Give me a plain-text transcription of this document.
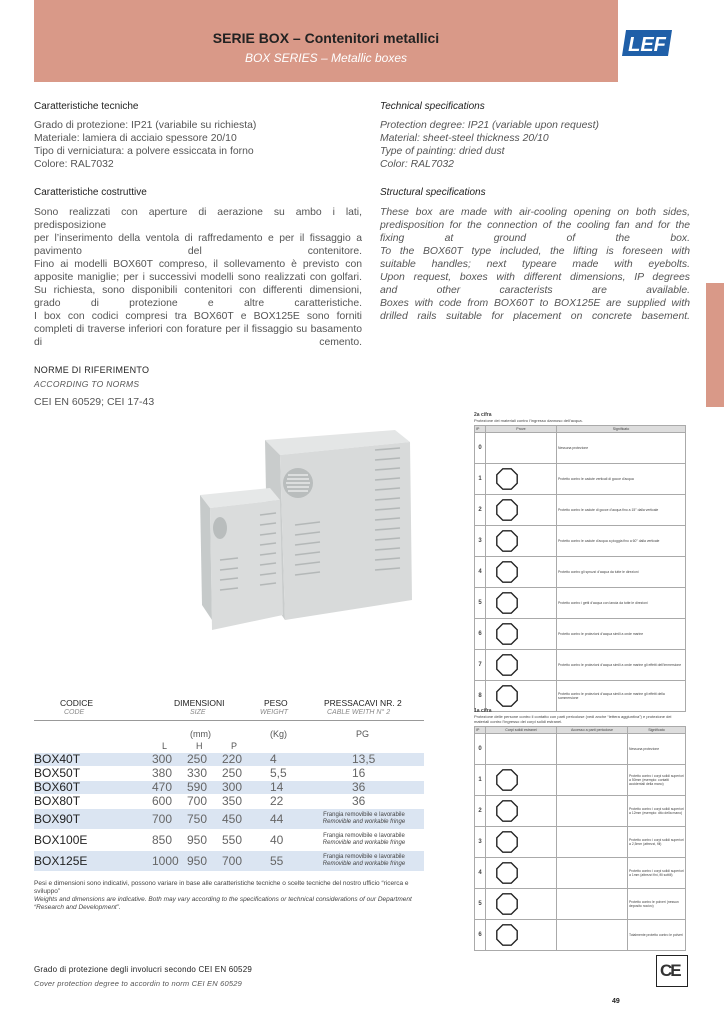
SERIE BOX – Contenitori metallici
BOX SERIES – Metallic boxes
LEF
Caratteristiche tecniche
Grado di protezione: IP21 (variabile su richiesta)
Materiale: lamiera di acciaio spessore 20/10
Tipo di verniciatura: a polvere essiccata in forno
Colore: RAL7032
Technical specifications
Protection degree: IP21 (variable upon request)
Material: sheet-steel thickness 20/10
Type of painting: dried dust
Color: RAL7032
Caratteristiche costruttive
Sono realizzati con aperture di aerazione su ambo i lati, predisposizione
per l’inserimento della ventola di raffredamento e per il fissaggio a
pavimento del contenitore.
Fino ai modelli BOX60T compreso, il sollevamento è previsto con
apposite maniglie; per i successivi modelli sono realizzati con golfari.
Su richiesta, sono disponibili contenitori con differenti dimensioni,
grado di protezione e altre caratteristiche.
I box con codici compresi tra BOX60T e BOX125E sono forniti
completi di traverse inferiori con forature per il fissaggio su basamento
di cemento.
Structural specifications
These box are made with air-cooling opening on both sides,
predisposition for the connection of the cooling fan and for the
fixing at ground of the box.
To the BOX60T type included, the lifting is foreseen with
suitable handles; next typeare made with eyebolts.
Upon request, boxes with different dimensions, IP degrees
and other caracterists are available.
Boxes with code from BOX60T to BOX125E are supplied with
drilled rails suitable for placement on concrete basement.
NORME DI RIFERIMENTO
ACCORDING TO NORMS
CEI EN 60529; CEI 17-43
2a cifra
Protezione dei materiali contro l’ingresso dannoso dell’acqua.
IP	Prove	Significato
0		Nessuna protezione
1		Protetto contro le cadute verticali di gocce d’acqua
2		Protetto contro le cadute di gocce d’acqua fino a 15° dalla verticale
3		Protetto contro le cadute d’acqua a pioggia fino a 60° dalla verticale
4		Protetto contro gli spruzzi d’acqua da tutte le direzioni
5		Protetto contro i getti d’acqua con lancia da tutte le direzioni
6		Protetto contro le proiezioni d’acqua simili a onde marine
7		Protetto contro le proiezioni d’acqua simili a onde marine gli effetti dell’immersione
8		Protetto contro le proiezioni d’acqua simili a onde marine gli effetti della sommersione
1a cifra
Protezione delle persone contro il contatto con parti pericolose (vedi anche “lettera aggiuntiva”) e protezione dei materiali contro l’ingresso dei corpi solidi estranei.
IP	Corpi solidi estranei	Accesso a parti pericolose	Significato
0			Nessuna protezione
1			Protetto contro i corpi solidi superiori a 50mm (esempio: contatti accidentali della mano)
2			Protetto contro i corpi solidi superiori a 12mm (esempio: dito della mano)
3			Protetto contro i corpi solidi superiori a 2,5mm (attrezzi, fili)
4			Protetto contro i corpi solidi superiori a 1mm (attrezzi fini, fili sottili)
5			Protetto contro le polveri (nessun deposito nocivo)
6			Totalmente protetto contro le polveri
CODICE	DIMENSIONI	PESO	PRESSACAVI NR. 2
CODE	SIZE	WEIGHT	CABLE WEITH N° 2
(mm)	(Kg)	PG
L	H	P
BOX40T	300 250 220 4	13,5
BOX50T	380 330 250 5,5	16
BOX60T	470 590 300 14	36
BOX80T	600 700 350 22	36
BOX90T	700 750 450 44	Frangia removibile e lavorabile
Removible and workable fringe
BOX100E	850 950 550 40	Frangia removibile e lavorabile
Removible and workable fringe
BOX125E	1000 950 700 55	Frangia removibile e lavorabile
Removible and workable fringe
Pesi e dimensioni sono indicativi, possono variare in base alle caratteristiche tecniche o scelte tecniche del nostro ufficio “ricerca e sviluppo”
Weights and dimensions are indicative. Both may vary according to the specifications or technical considerations of our Department “Research and Development”.
Grado di protezione degli involucri secondo CEI EN 60529
Cover protection degree to accordin to norm CEI EN 60529
CE
49
